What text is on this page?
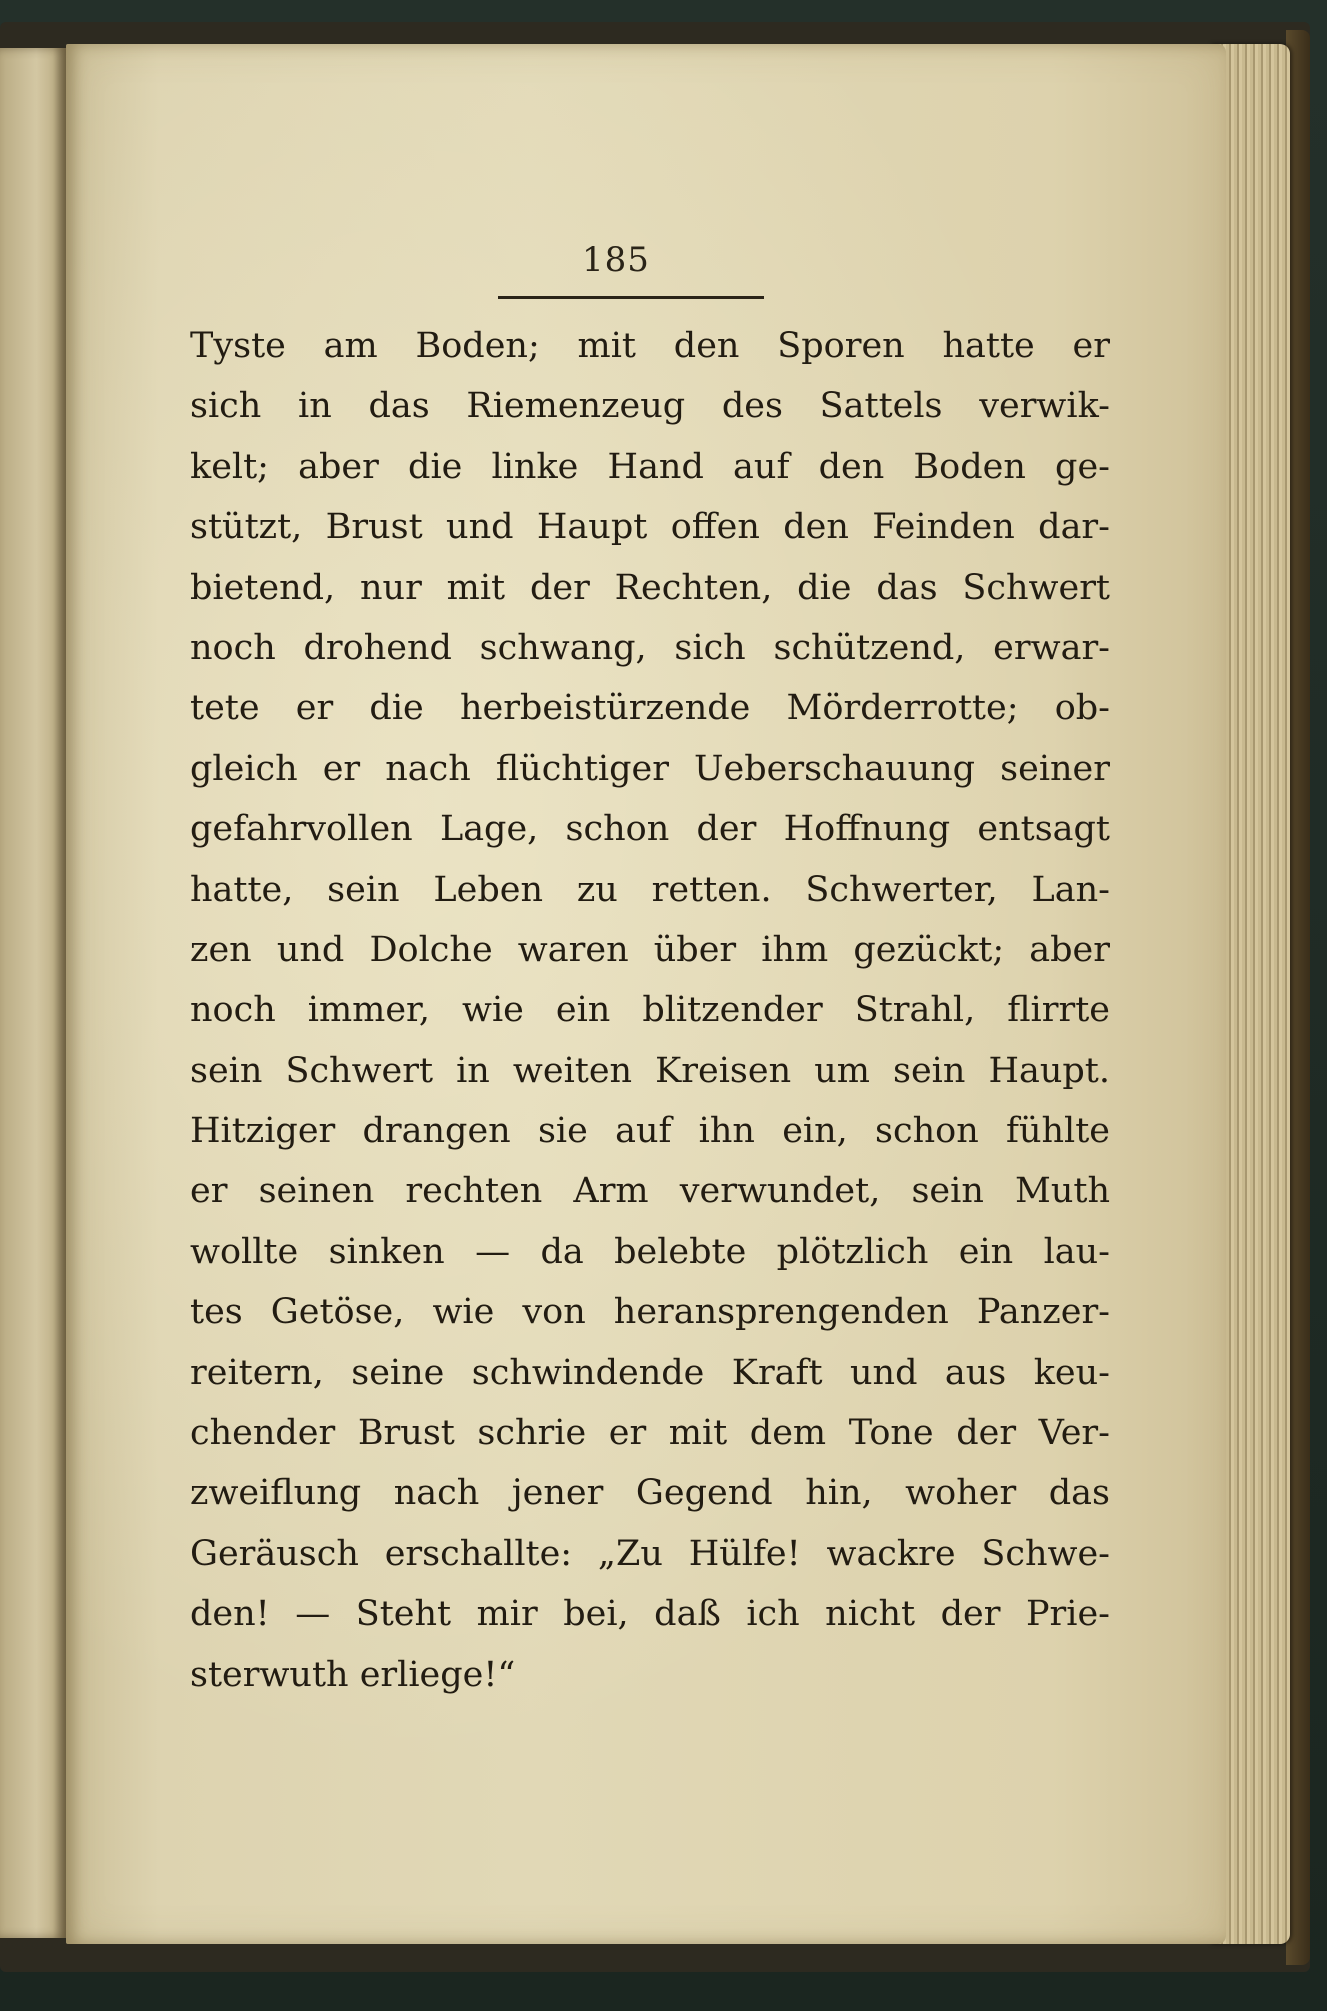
185
Tyste am Boden; mit den Sporen hatte er
sich in das Riemenzeug des Sattels verwik-
kelt; aber die linke Hand auf den Boden ge-
stützt, Brust und Haupt offen den Feinden dar-
bietend, nur mit der Rechten, die das Schwert
noch drohend schwang, sich schützend, erwar-
tete er die herbeistürzende Mörderrotte; ob-
gleich er nach flüchtiger Ueberschauung seiner
gefahrvollen Lage, schon der Hoffnung entsagt
hatte, sein Leben zu retten. Schwerter, Lan-
zen und Dolche waren über ihm gezückt; aber
noch immer, wie ein blitzender Strahl, flirrte
sein Schwert in weiten Kreisen um sein Haupt.
Hitziger drangen sie auf ihn ein, schon fühlte
er seinen rechten Arm verwundet, sein Muth
wollte sinken — da belebte plötzlich ein lau-
tes Getöse, wie von heransprengenden Panzer-
reitern, seine schwindende Kraft und aus keu-
chender Brust schrie er mit dem Tone der Ver-
zweiflung nach jener Gegend hin, woher das
Geräusch erschallte: „Zu Hülfe! wackre Schwe-
den! — Steht mir bei, daß ich nicht der Prie-
sterwuth erliege!“
